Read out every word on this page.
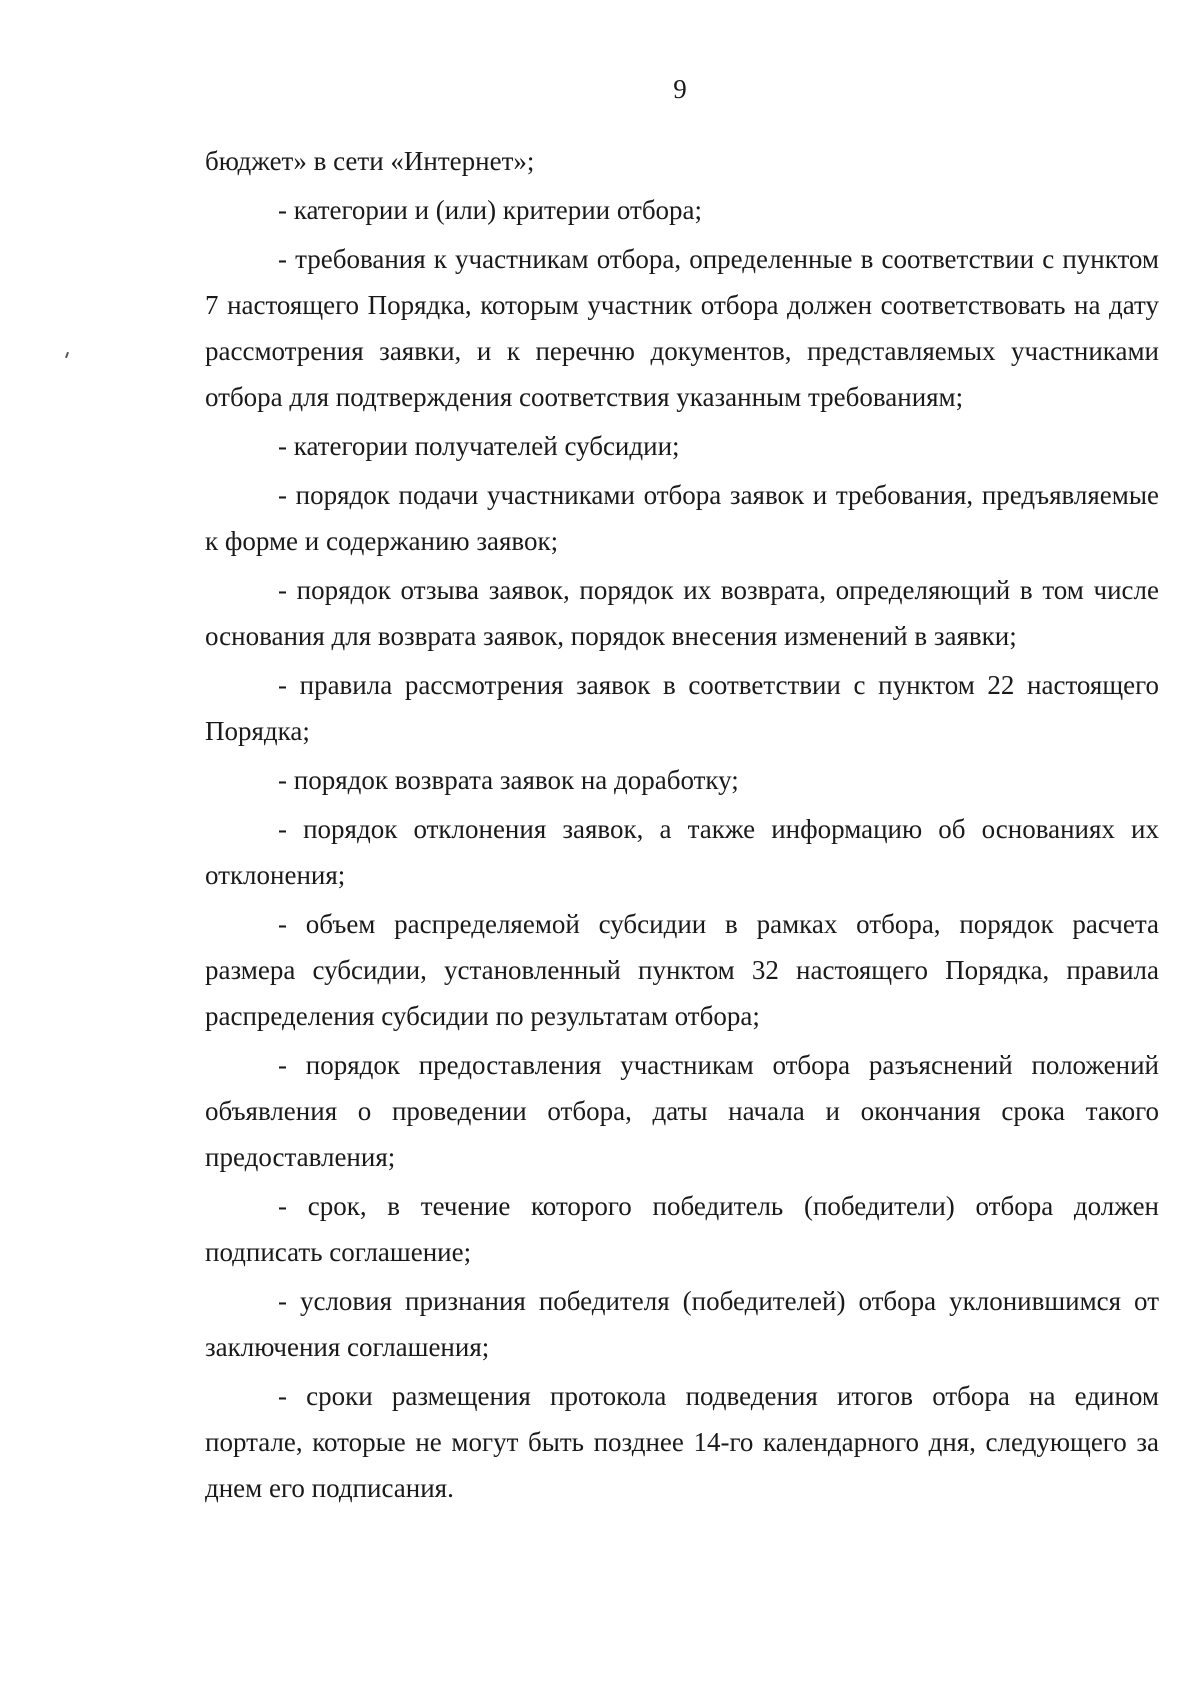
9

бюджет» в сети «Интернет»;

- категории и (или) критерии отбора;

- требования к участникам отбора, определенные в соответствии с пунктом 7 настоящего Порядка, которым участник отбора должен соответствовать на дату рассмотрения заявки, и к перечню документов, представляемых участниками отбора для подтверждения соответствия указанным требованиям;

- категории получателей субсидии;

- порядок подачи участниками отбора заявок и требования, предъявляемые к форме и содержанию заявок;

- порядок отзыва заявок, порядок их возврата, определяющий в том числе основания для возврата заявок, порядок внесения изменений в заявки;

- правила рассмотрения заявок в соответствии с пунктом 22 настоящего Порядка;

- порядок возврата заявок на доработку;

- порядок отклонения заявок, а также информацию об основаниях их отклонения;

- объем распределяемой субсидии в рамках отбора, порядок расчета размера субсидии, установленный пунктом 32 настоящего Порядка, правила распределения субсидии по результатам отбора;

- порядок предоставления участникам отбора разъяснений положений объявления о проведении отбора, даты начала и окончания срока такого предоставления;

- срок, в течение которого победитель (победители) отбора должен подписать соглашение;

- условия признания победителя (победителей) отбора уклонившимся от заключения соглашения;

- сроки размещения протокола подведения итогов отбора на едином портале, которые не могут быть позднее 14-го календарного дня, следующего за днем его подписания.
